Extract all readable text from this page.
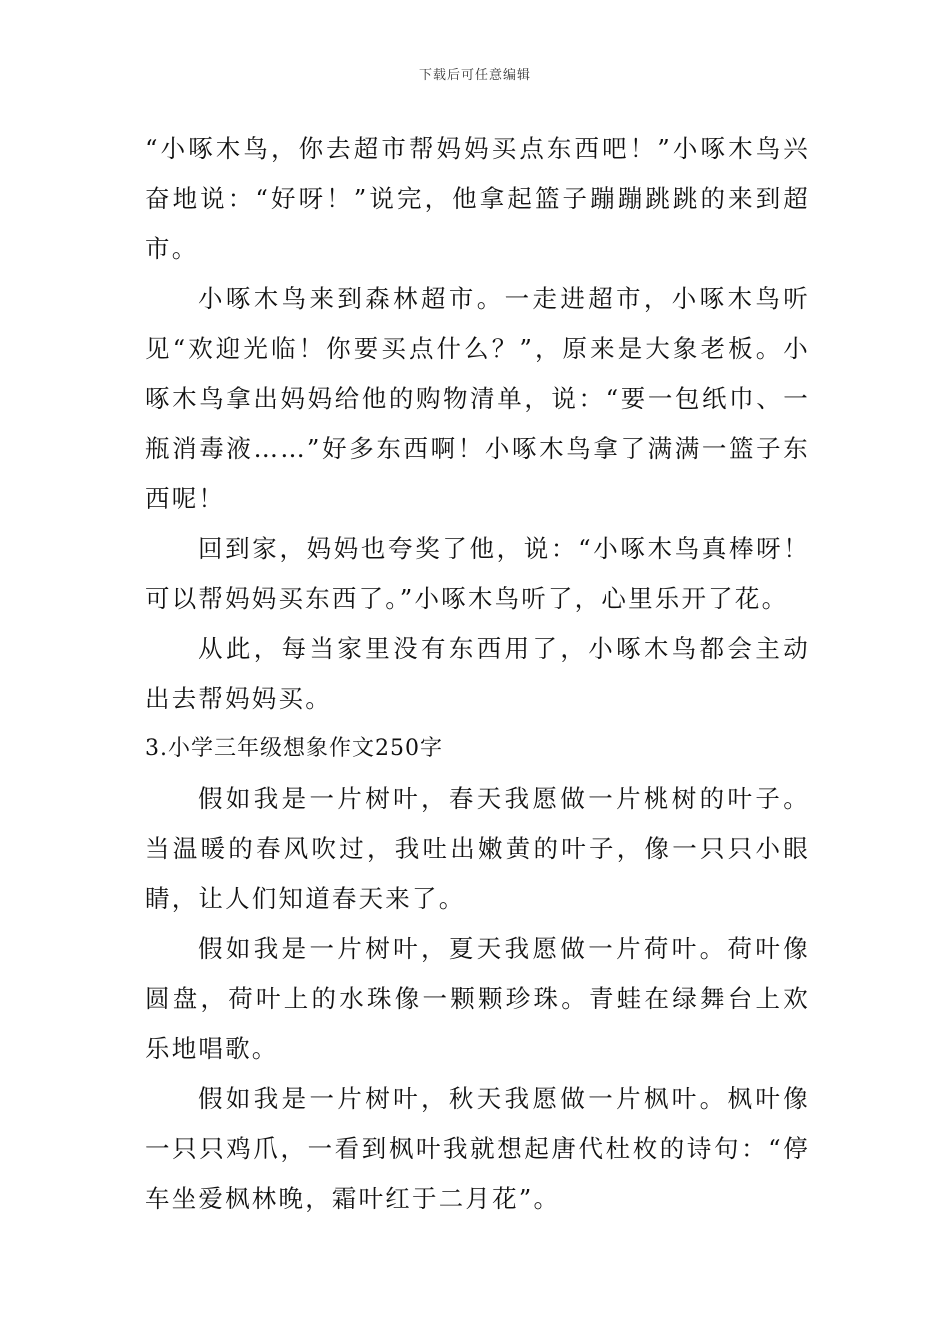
下载后可任意编辑

“小啄木鸟，你去超市帮妈妈买点东西吧！”小啄木鸟兴奋地说：“好呀！”说完，他拿起篮子蹦蹦跳跳的来到超市。

小啄木鸟来到森林超市。一走进超市，小啄木鸟听见“欢迎光临！你要买点什么？”，原来是大象老板。小啄木鸟拿出妈妈给他的购物清单，说：“要一包纸巾、一瓶消毒液……”好多东西啊！小啄木鸟拿了满满一篮子东西呢！

回到家，妈妈也夸奖了他，说：“小啄木鸟真棒呀！可以帮妈妈买东西了。”小啄木鸟听了，心里乐开了花。

从此，每当家里没有东西用了，小啄木鸟都会主动出去帮妈妈买。

3.小学三年级想象作文250字

假如我是一片树叶，春天我愿做一片桃树的叶子。当温暖的春风吹过，我吐出嫩黄的叶子，像一只只小眼睛，让人们知道春天来了。

假如我是一片树叶，夏天我愿做一片荷叶。荷叶像圆盘，荷叶上的水珠像一颗颗珍珠。青蛙在绿舞台上欢乐地唱歌。

假如我是一片树叶，秋天我愿做一片枫叶。枫叶像一只只鸡爪，一看到枫叶我就想起唐代杜枚的诗句：“停车坐爱枫林晚，霜叶红于二月花”。
